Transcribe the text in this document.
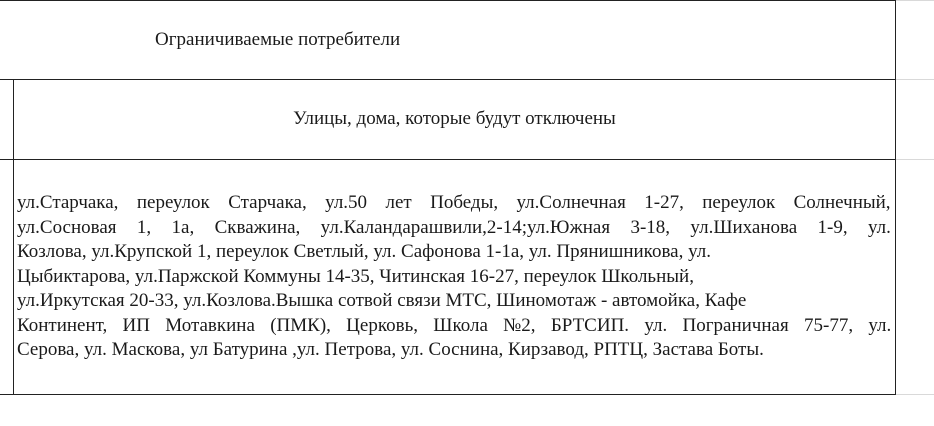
Ограничиваемые потребители
Улицы, дома, которые будут отключены
ул.Старчака, переулок Старчака, ул.50 лет Победы, ул.Солнечная 1-27, переулок Солнечный,
ул.Сосновая 1, 1а, Скважина, ул.Каландарашвили,2-14;ул.Южная 3-18, ул.Шиханова 1-9, ул.
Козлова, ул.Крупской 1, переулок Светлый, ул. Сафонова 1-1а, ул. Прянишникова, ул.
Цыбиктарова, ул.Паржской Коммуны 14-35, Читинская 16-27, переулок Школьный,
ул.Иркутская 20-33, ул.Козлова.Вышка сотвой связи МТС, Шиномотаж - автомойка, Кафе
Континент, ИП Мотавкина (ПМК), Церковь, Школа №2, БРТСИП. ул. Пограничная 75-77, ул.
Серова, ул. Маскова, ул Батурина ,ул. Петрова, ул. Соснина, Кирзавод, РПТЦ, Застава Боты.
